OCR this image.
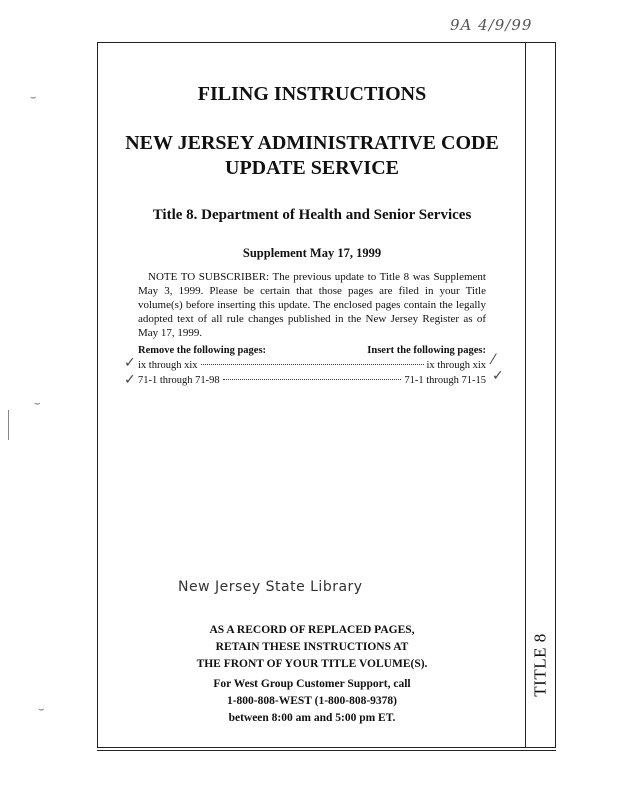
⌣
⌣
⌣
9A 4/9/99
FILING INSTRUCTIONS
NEW JERSEY ADMINISTRATIVE CODE
UPDATE SERVICE
Title 8. Department of Health and Senior Services
Supplement May 17, 1999
NOTE TO SUBSCRIBER: The previous update to Title 8 was Supplement May 3, 1999. Please be certain that those pages are filed in your Title volume(s) before inserting this update. The enclosed pages contain the legally adopted text of all rule changes published in the New Jersey Register as of May 17, 1999.
Remove the following pages:	Insert the following pages:
ix through xix	ix through xix
71-1 through 71-98	71-1 through 71-15
✓
✓
⁄
✓
New Jersey State Library
AS A RECORD OF REPLACED PAGES,
RETAIN THESE INSTRUCTIONS AT
THE FRONT OF YOUR TITLE VOLUME(S).
For West Group Customer Support, call
1-800-808-WEST (1-800-808-9378)
between 8:00 am and 5:00 pm ET.
TITLE 8
